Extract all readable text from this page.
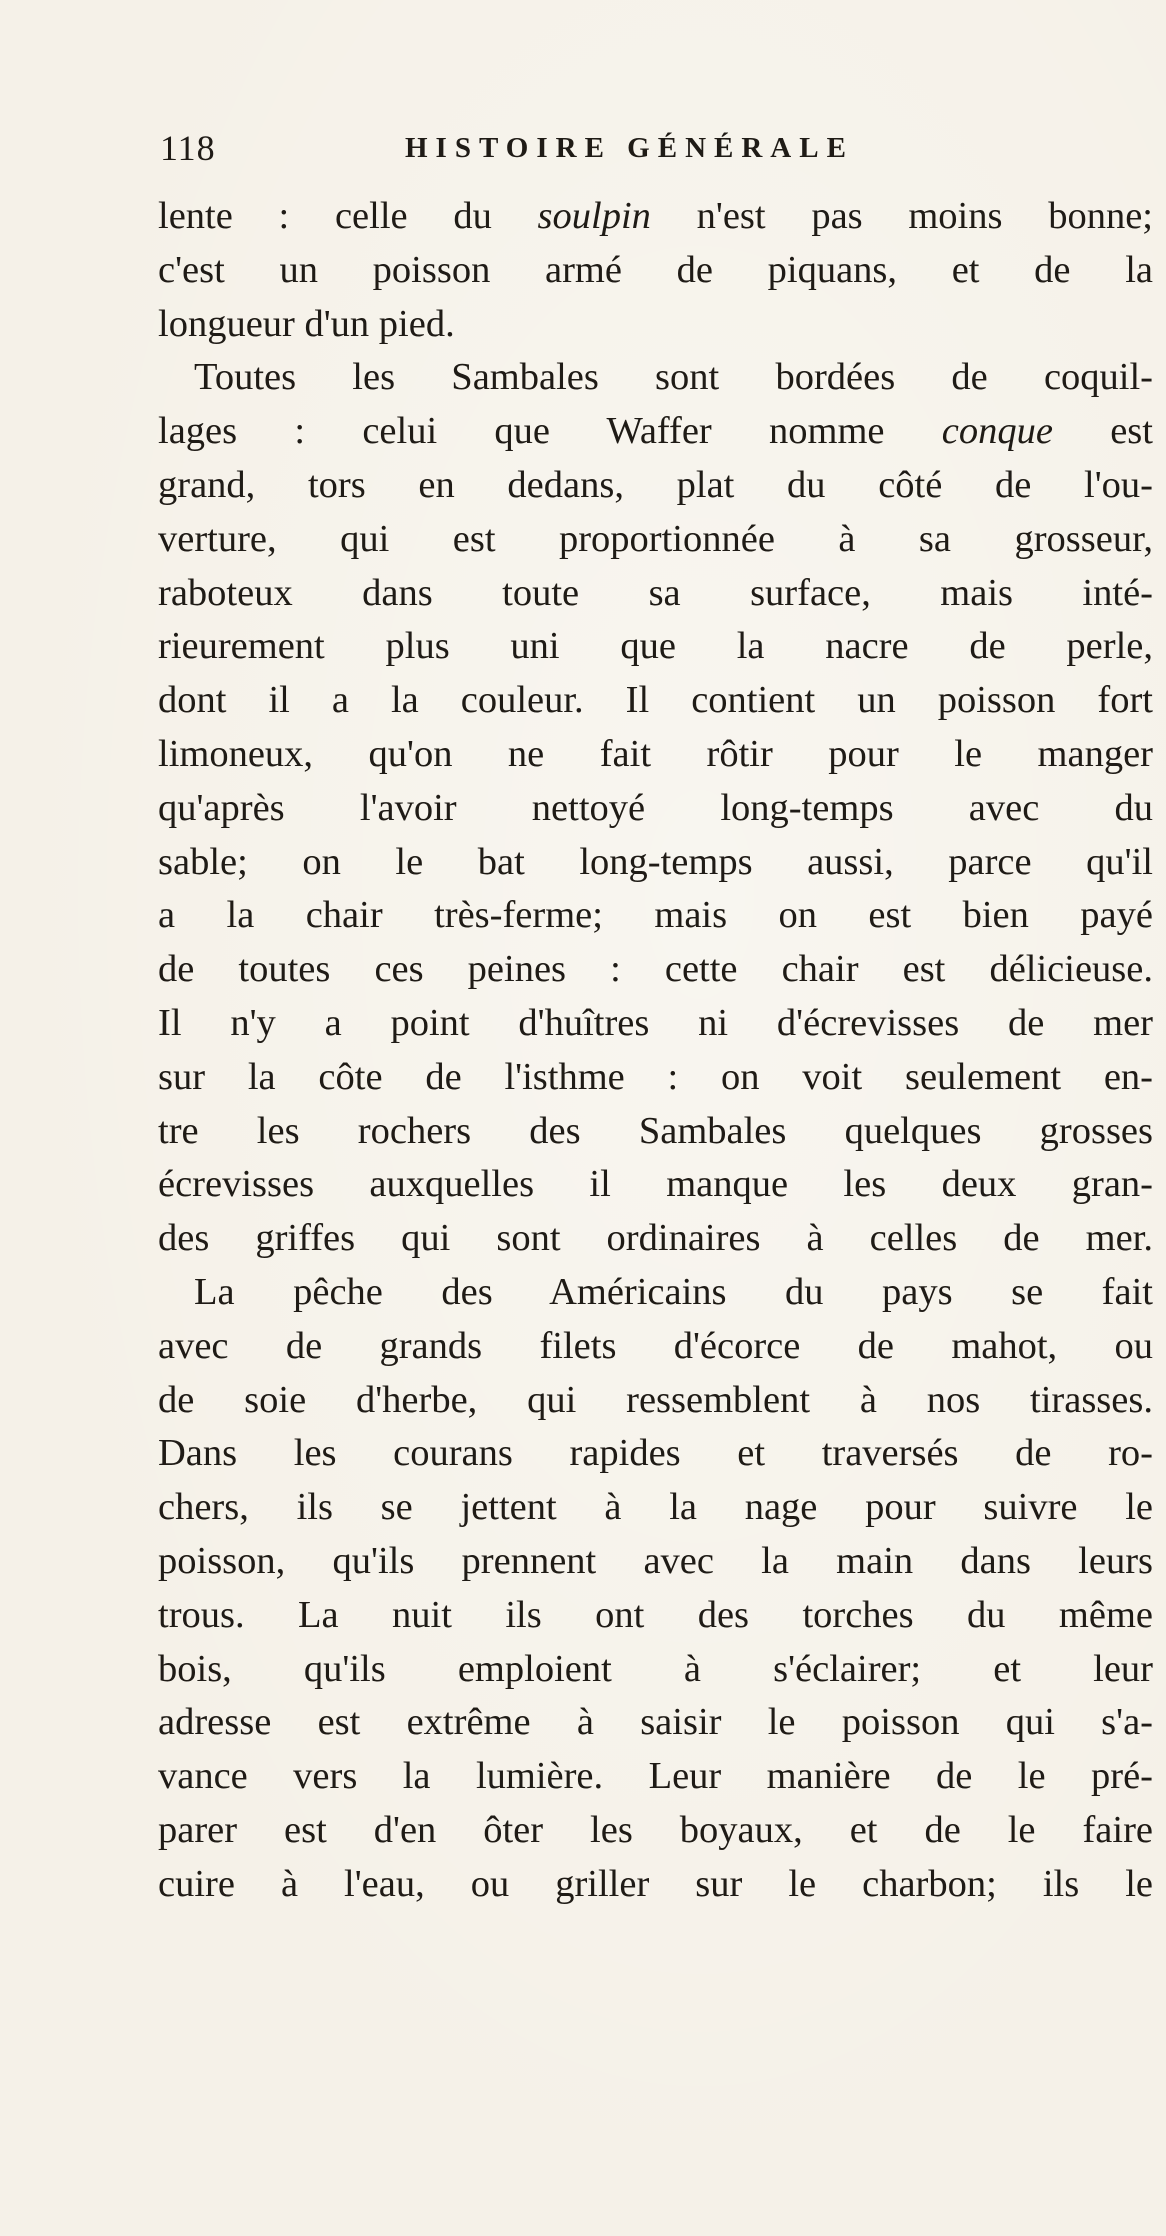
118	HISTOIRE GÉNÉRALE
lente : celle du soulpin n'est pas moins bonne;
c'est un poisson armé de piquans, et de la
longueur d'un pied.
Toutes les Sambales sont bordées de coquil-
lages : celui que Waffer nomme conque est
grand, tors en dedans, plat du côté de l'ou-
verture, qui est proportionnée à sa grosseur,
raboteux dans toute sa surface, mais inté-
rieurement plus uni que la nacre de perle,
dont il a la couleur. Il contient un poisson fort
limoneux, qu'on ne fait rôtir pour le manger
qu'après l'avoir nettoyé long-temps avec du
sable; on le bat long-temps aussi, parce qu'il
a la chair très-ferme; mais on est bien payé
de toutes ces peines : cette chair est délicieuse.
Il n'y a point d'huîtres ni d'écrevisses de mer
sur la côte de l'isthme : on voit seulement en-
tre les rochers des Sambales quelques grosses
écrevisses auxquelles il manque les deux gran-
des griffes qui sont ordinaires à celles de mer.
La pêche des Américains du pays se fait
avec de grands filets d'écorce de mahot, ou
de soie d'herbe, qui ressemblent à nos tirasses.
Dans les courans rapides et traversés de ro-
chers, ils se jettent à la nage pour suivre le
poisson, qu'ils prennent avec la main dans leurs
trous. La nuit ils ont des torches du même
bois, qu'ils emploient à s'éclairer; et leur
adresse est extrême à saisir le poisson qui s'a-
vance vers la lumière. Leur manière de le pré-
parer est d'en ôter les boyaux, et de le faire
cuire à l'eau, ou griller sur le charbon; ils le
